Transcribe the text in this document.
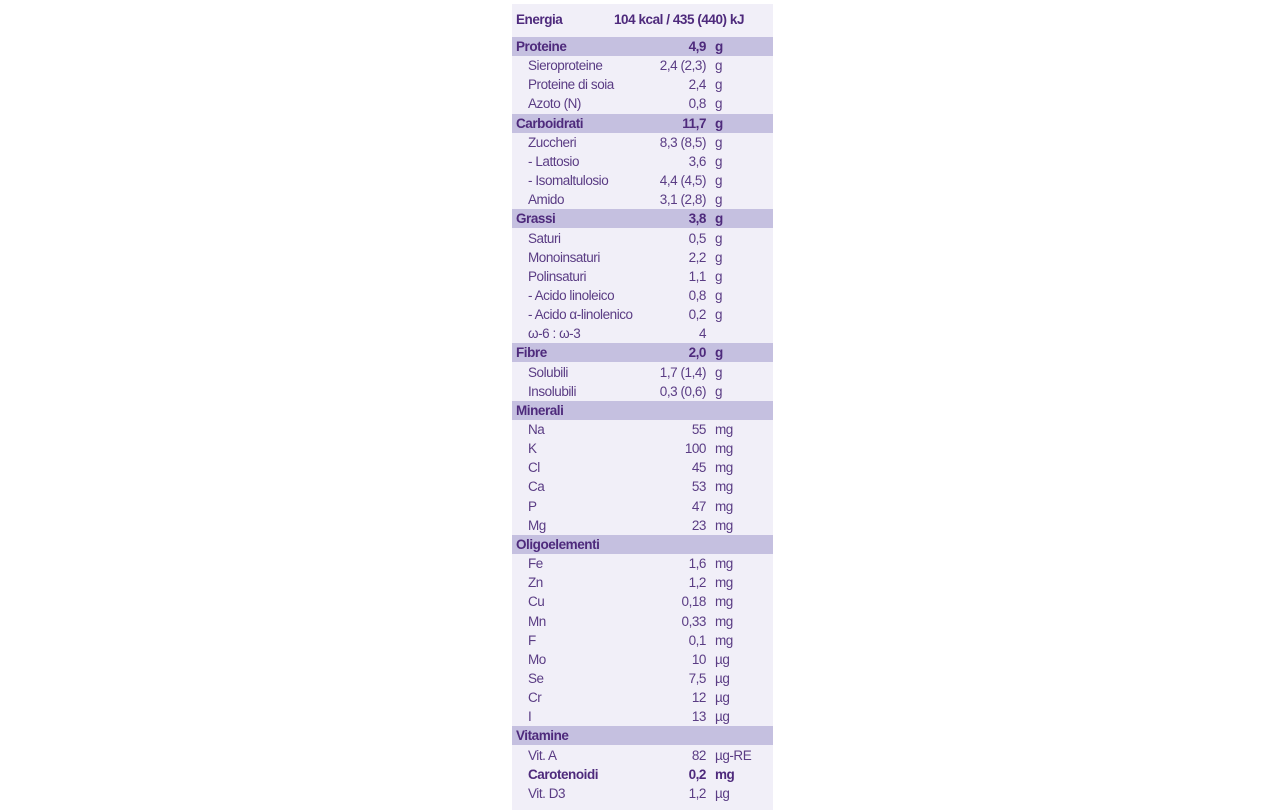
Energia	104 kcal / 435 (440) kJ
Proteine	4,9 g
Sieroproteine	2,4 (2,3) g
Proteine di soia	2,4 g
Azoto (N)	0,8 g
Carboidrati	11,7 g
Zuccheri	8,3 (8,5) g
- Lattosio	3,6 g
- Isomaltulosio	4,4 (4,5) g
Amido	3,1 (2,8) g
Grassi	3,8 g
Saturi	0,5 g
Monoinsaturi	2,2 g
Polinsaturi	1,1 g
- Acido linoleico	0,8 g
- Acido α-linolenico	0,2 g
ω-6 : ω-3	4
Fibre	2,0 g
Solubili	1,7 (1,4) g
Insolubili	0,3 (0,6) g
Minerali
Na	55 mg
K	100 mg
Cl	45 mg
Ca	53 mg
P	47 mg
Mg	23 mg
Oligoelementi
Fe	1,6 mg
Zn	1,2 mg
Cu	0,18 mg
Mn	0,33 mg
F	0,1 mg
Mo	10 µg
Se	7,5 µg
Cr	12 µg
I	13 µg
Vitamine
Vit. A	82 µg-RE
Carotenoidi	0,2 mg
Vit. D3	1,2 µg
